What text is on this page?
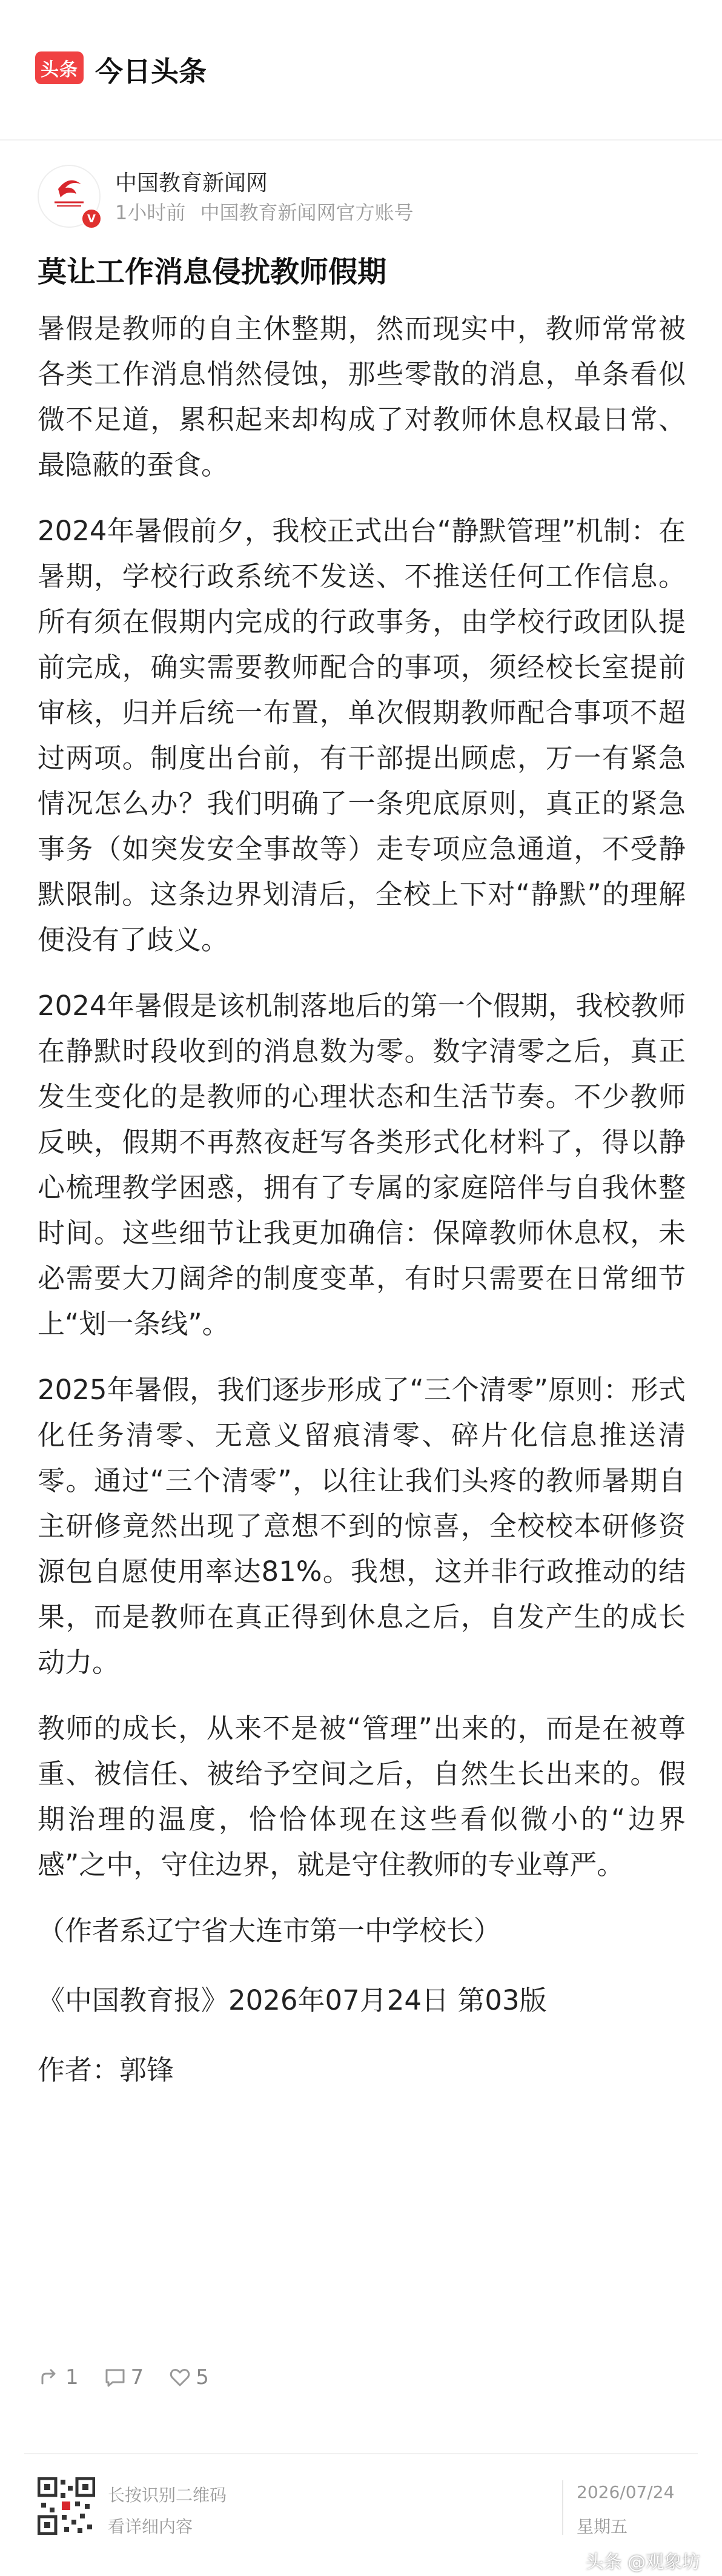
头条 今日头条
V
中国教育新闻网
1小时前 中国教育新闻网官方账号
莫让工作消息侵扰教师假期

暑假是教师的自主休整期，然而现实中，教师常常被各类工作消息悄然侵蚀，那些零散的消息，单条看似微不足道，累积起来却构成了对教师休息权最日常、最隐蔽的蚕食。

2024年暑假前夕，我校正式出台“静默管理”机制：在暑期，学校行政系统不发送、不推送任何工作信息。所有须在假期内完成的行政事务，由学校行政团队提前完成，确实需要教师配合的事项，须经校长室提前审核，归并后统一布置，单次假期教师配合事项不超过两项。制度出台前，有干部提出顾虑，万一有紧急情况怎么办？我们明确了一条兜底原则，真正的紧急事务（如突发安全事故等）走专项应急通道，不受静默限制。这条边界划清后，全校上下对“静默”的理解便没有了歧义。

2024年暑假是该机制落地后的第一个假期，我校教师在静默时段收到的消息数为零。数字清零之后，真正发生变化的是教师的心理状态和生活节奏。不少教师反映，假期不再熬夜赶写各类形式化材料了，得以静心梳理教学困惑，拥有了专属的家庭陪伴与自我休整时间。这些细节让我更加确信：保障教师休息权，未必需要大刀阔斧的制度变革，有时只需要在日常细节上“划一条线”。

2025年暑假，我们逐步形成了“三个清零”原则：形式化任务清零、无意义留痕清零、碎片化信息推送清零。通过“三个清零”，以往让我们头疼的教师暑期自主研修竟然出现了意想不到的惊喜，全校校本研修资源包自愿使用率达81%。我想，这并非行政推动的结果，而是教师在真正得到休息之后，自发产生的成长动力。

教师的成长，从来不是被“管理”出来的，而是在被尊重、被信任、被给予空间之后，自然生长出来的。假期治理的温度，恰恰体现在这些看似微小的“边界感”之中，守住边界，就是守住教师的专业尊严。

（作者系辽宁省大连市第一中学校长）

《中国教育报》2026年07月24日 第03版

作者：郭锋

1	7	5
长按识别二维码
看详细内容
2026/07/24
星期五
头条 @观象坊
